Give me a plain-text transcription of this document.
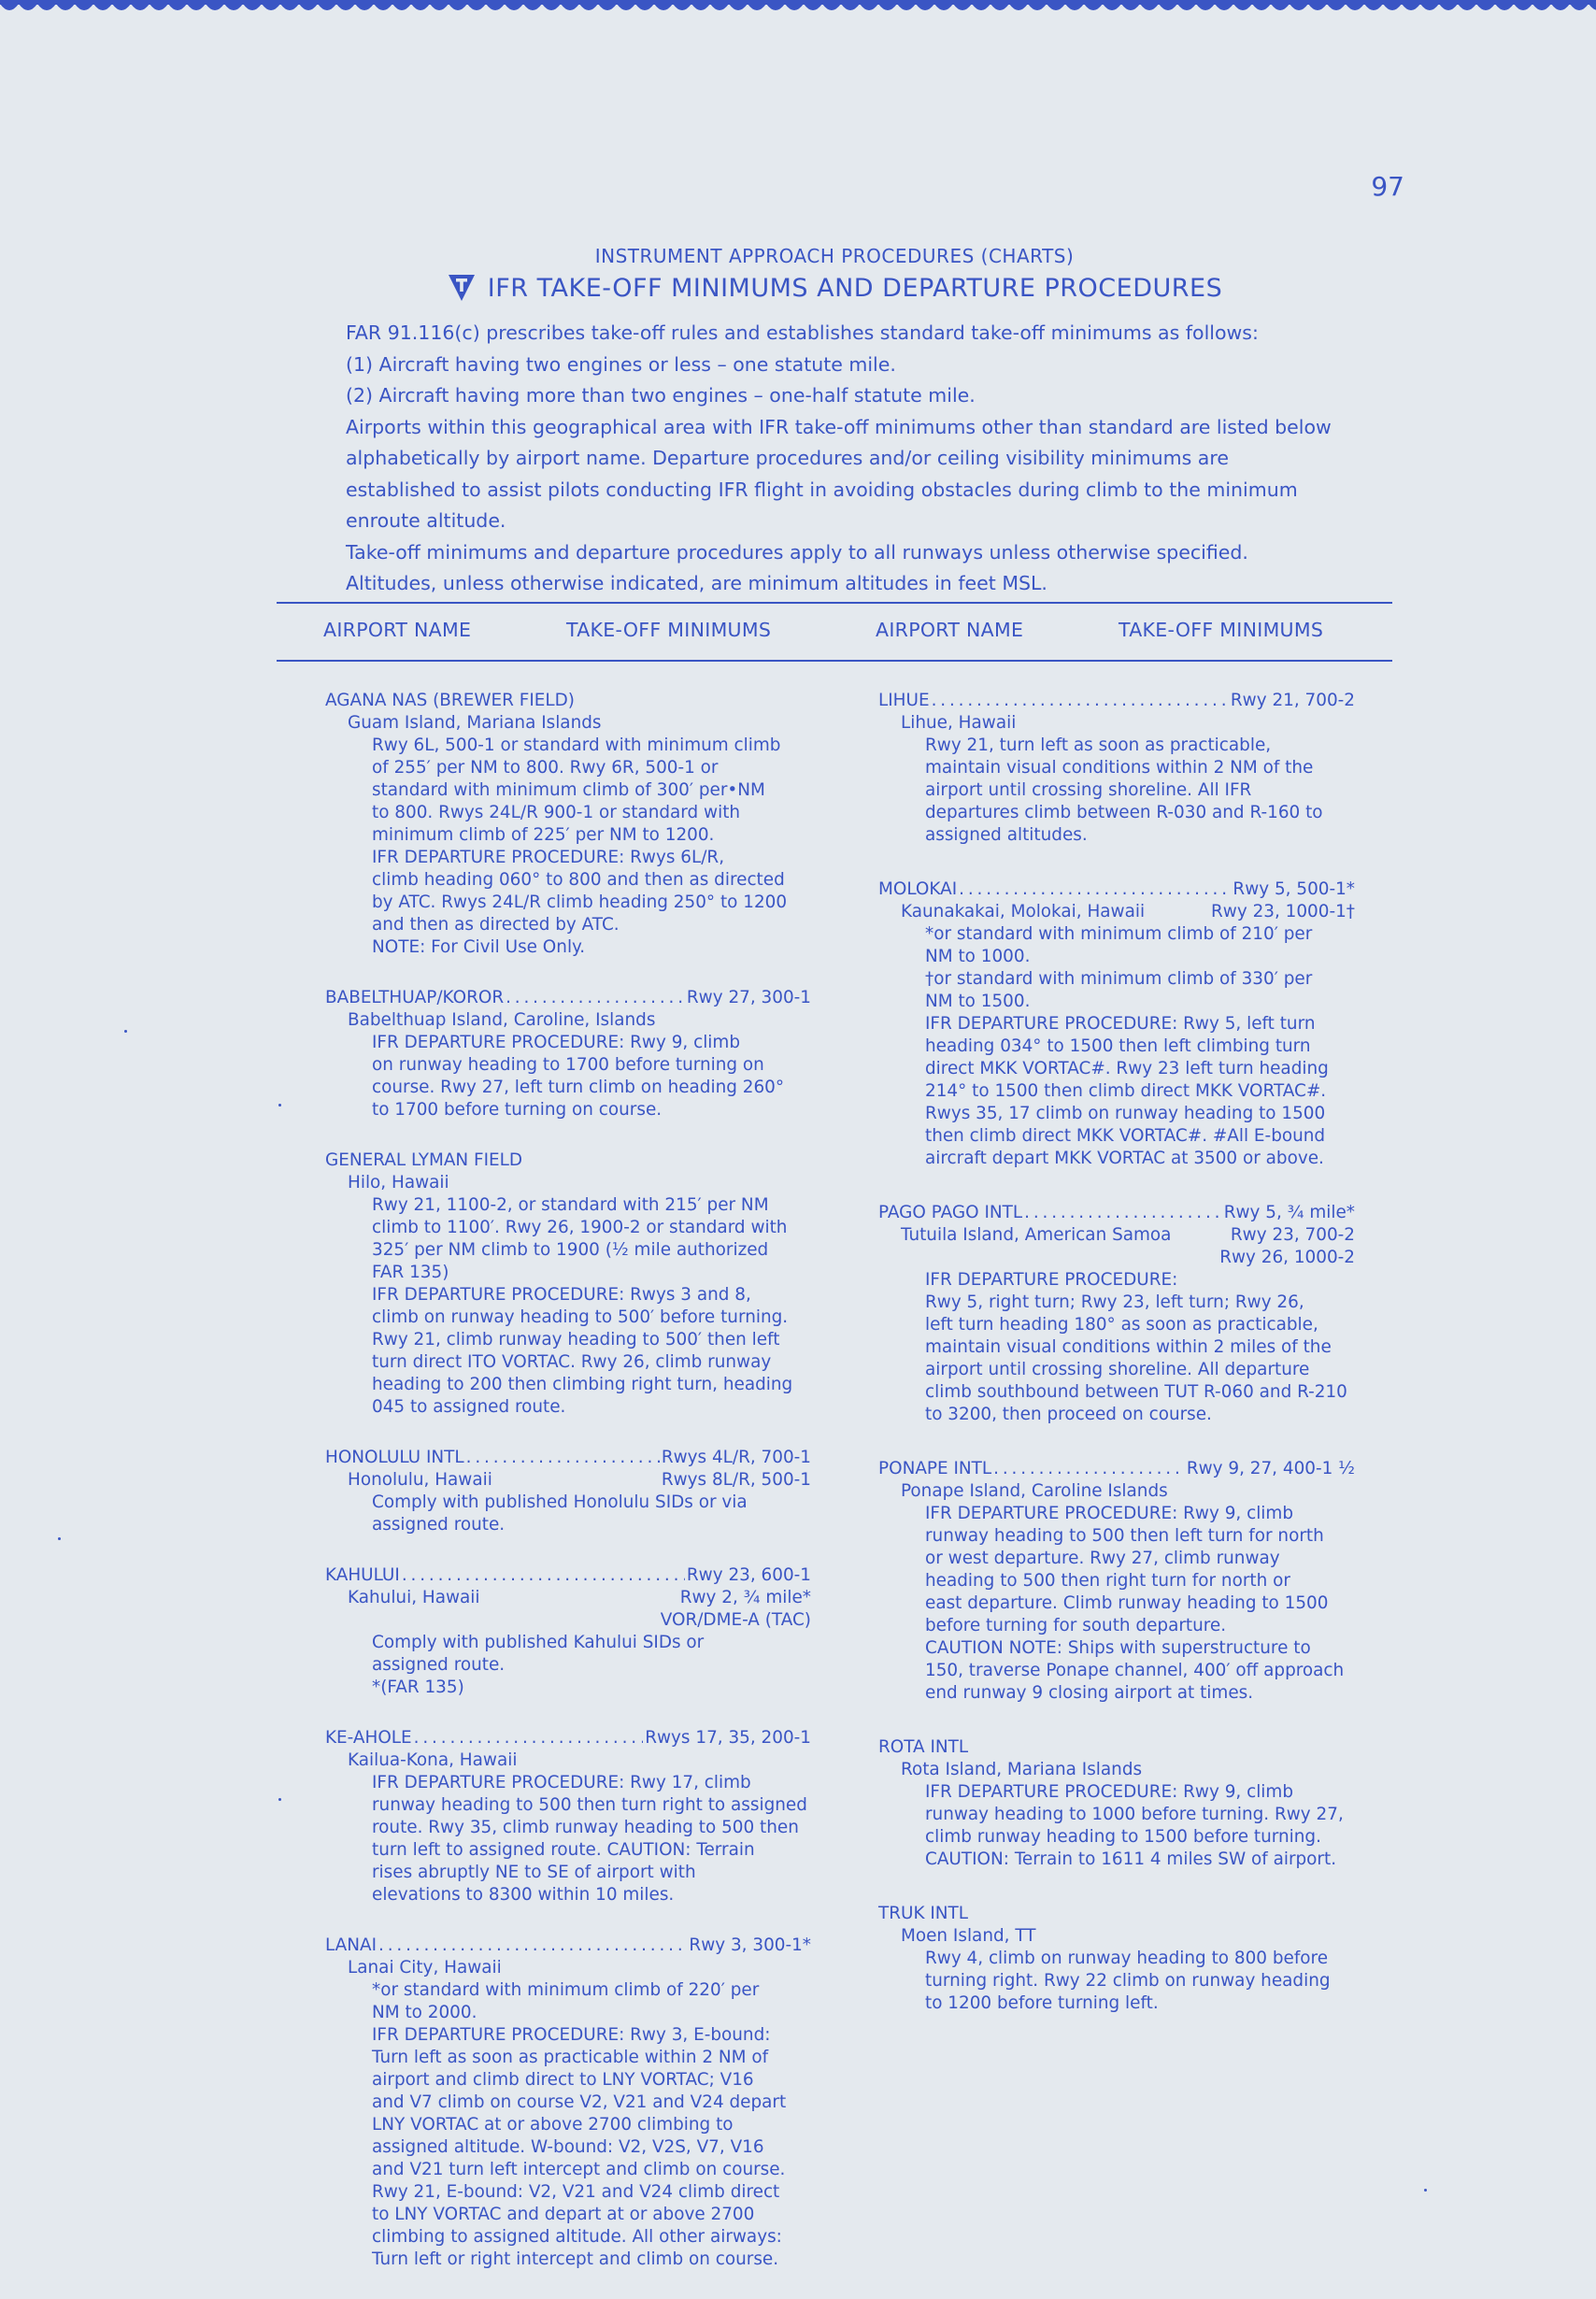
97
INSTRUMENT APPROACH PROCEDURES (CHARTS)
IFR TAKE-OFF MINIMUMS AND DEPARTURE PROCEDURES

FAR 91.116(c) prescribes take-off rules and establishes standard take-off minimums as follows:

(1) Aircraft having two engines or less – one statute mile.

(2) Aircraft having more than two engines – one-half statute mile.

Airports within this geographical area with IFR take-off minimums other than standard are listed below alphabetically by airport name. Departure procedures and/or ceiling visibility minimums are established to assist pilots conducting IFR flight in avoiding obstacles during climb to the minimum enroute altitude.

Take-off minimums and departure procedures apply to all runways unless otherwise specified.

Altitudes, unless otherwise indicated, are minimum altitudes in feet MSL.

AIRPORT NAME	TAKE-OFF MINIMUMS	AIRPORT NAME	TAKE-OFF MINIMUMS
AGANA NAS (BREWER FIELD)
Guam Island, Mariana Islands
Rwy 6L, 500-1 or standard with minimum climb
of 255′ per NM to 800. Rwy 6R, 500-1 or
standard with minimum climb of 300′ per•NM
to 800. Rwys 24L/R 900-1 or standard with
minimum climb of 225′ per NM to 1200.
IFR DEPARTURE PROCEDURE: Rwys 6L/R,
climb heading 060° to 800 and then as directed
by ATC. Rwys 24L/R climb heading 250° to 1200
and then as directed by ATC.
NOTE: For Civil Use Only.
BABELTHUAP/KOROR . . .	Rwy 27, 300-1
Babelthuap Island, Caroline, Islands
IFR DEPARTURE PROCEDURE: Rwy 9, climb
on runway heading to 1700 before turning on
course. Rwy 27, left turn climb on heading 260°
to 1700 before turning on course.
GENERAL LYMAN FIELD
Hilo, Hawaii
Rwy 21, 1100-2, or standard with 215′ per NM
climb to 1100′. Rwy 26, 1900-2 or standard with
325′ per NM climb to 1900 (½ mile authorized
FAR 135)
IFR DEPARTURE PROCEDURE: Rwys 3 and 8,
climb on runway heading to 500′ before turning.
Rwy 21, climb runway heading to 500′ then left
turn direct ITO VORTAC. Rwy 26, climb runway
heading to 200 then climbing right turn, heading
045 to assigned route.
HONOLULU INTL . . .	Rwys 4L/R, 700-1
Honolulu, Hawaii	Rwys 8L/R, 500-1
Comply with published Honolulu SIDs or via
assigned route.
KAHULUI . . .	Rwy 23, 600-1
Kahului, Hawaii	Rwy 2, ¾ mile*
VOR/DME-A (TAC)
Comply with published Kahului SIDs or
assigned route.
*(FAR 135)
KE-AHOLE . . .	Rwys 17, 35, 200-1
Kailua-Kona, Hawaii
IFR DEPARTURE PROCEDURE: Rwy 17, climb
runway heading to 500 then turn right to assigned
route. Rwy 35, climb runway heading to 500 then
turn left to assigned route. CAUTION: Terrain
rises abruptly NE to SE of airport with
elevations to 8300 within 10 miles.
LANAI . . .	Rwy 3, 300-1*
Lanai City, Hawaii
*or standard with minimum climb of 220′ per
NM to 2000.
IFR DEPARTURE PROCEDURE: Rwy 3, E-bound:
Turn left as soon as practicable within 2 NM of
airport and climb direct to LNY VORTAC; V16
and V7 climb on course V2, V21 and V24 depart
LNY VORTAC at or above 2700 climbing to
assigned altitude. W-bound: V2, V2S, V7, V16
and V21 turn left intercept and climb on course.
Rwy 21, E-bound: V2, V21 and V24 climb direct
to LNY VORTAC and depart at or above 2700
climbing to assigned altitude. All other airways:
Turn left or right intercept and climb on course.
LIHUE . . .	Rwy 21, 700-2
Lihue, Hawaii
Rwy 21, turn left as soon as practicable,
maintain visual conditions within 2 NM of the
airport until crossing shoreline. All IFR
departures climb between R-030 and R-160 to
assigned altitudes.
MOLOKAI . . .	Rwy 5, 500-1*
Kaunakakai, Molokai, Hawaii	Rwy 23, 1000-1†
*or standard with minimum climb of 210′ per
NM to 1000.
†or standard with minimum climb of 330′ per
NM to 1500.
IFR DEPARTURE PROCEDURE: Rwy 5, left turn
heading 034° to 1500 then left climbing turn
direct MKK VORTAC#. Rwy 23 left turn heading
214° to 1500 then climb direct MKK VORTAC#.
Rwys 35, 17 climb on runway heading to 1500
then climb direct MKK VORTAC#. #All E-bound
aircraft depart MKK VORTAC at 3500 or above.
PAGO PAGO INTL . . .	Rwy 5, ¾ mile*
Tutuila Island, American Samoa	Rwy 23, 700-2
Rwy 26, 1000-2
IFR DEPARTURE PROCEDURE:
Rwy 5, right turn; Rwy 23, left turn; Rwy 26,
left turn heading 180° as soon as practicable,
maintain visual conditions within 2 miles of the
airport until crossing shoreline. All departure
climb southbound between TUT R-060 and R-210
to 3200, then proceed on course.
PONAPE INTL . . .	Rwy 9, 27, 400-1 ½
Ponape Island, Caroline Islands
IFR DEPARTURE PROCEDURE: Rwy 9, climb
runway heading to 500 then left turn for north
or west departure. Rwy 27, climb runway
heading to 500 then right turn for north or
east departure. Climb runway heading to 1500
before turning for south departure.
CAUTION NOTE: Ships with superstructure to
150, traverse Ponape channel, 400′ off approach
end runway 9 closing airport at times.
ROTA INTL
Rota Island, Mariana Islands
IFR DEPARTURE PROCEDURE: Rwy 9, climb
runway heading to 1000 before turning. Rwy 27,
climb runway heading to 1500 before turning.
CAUTION: Terrain to 1611 4 miles SW of airport.
TRUK INTL
Moen Island, TT
Rwy 4, climb on runway heading to 800 before
turning right. Rwy 22 climb on runway heading
to 1200 before turning left.
